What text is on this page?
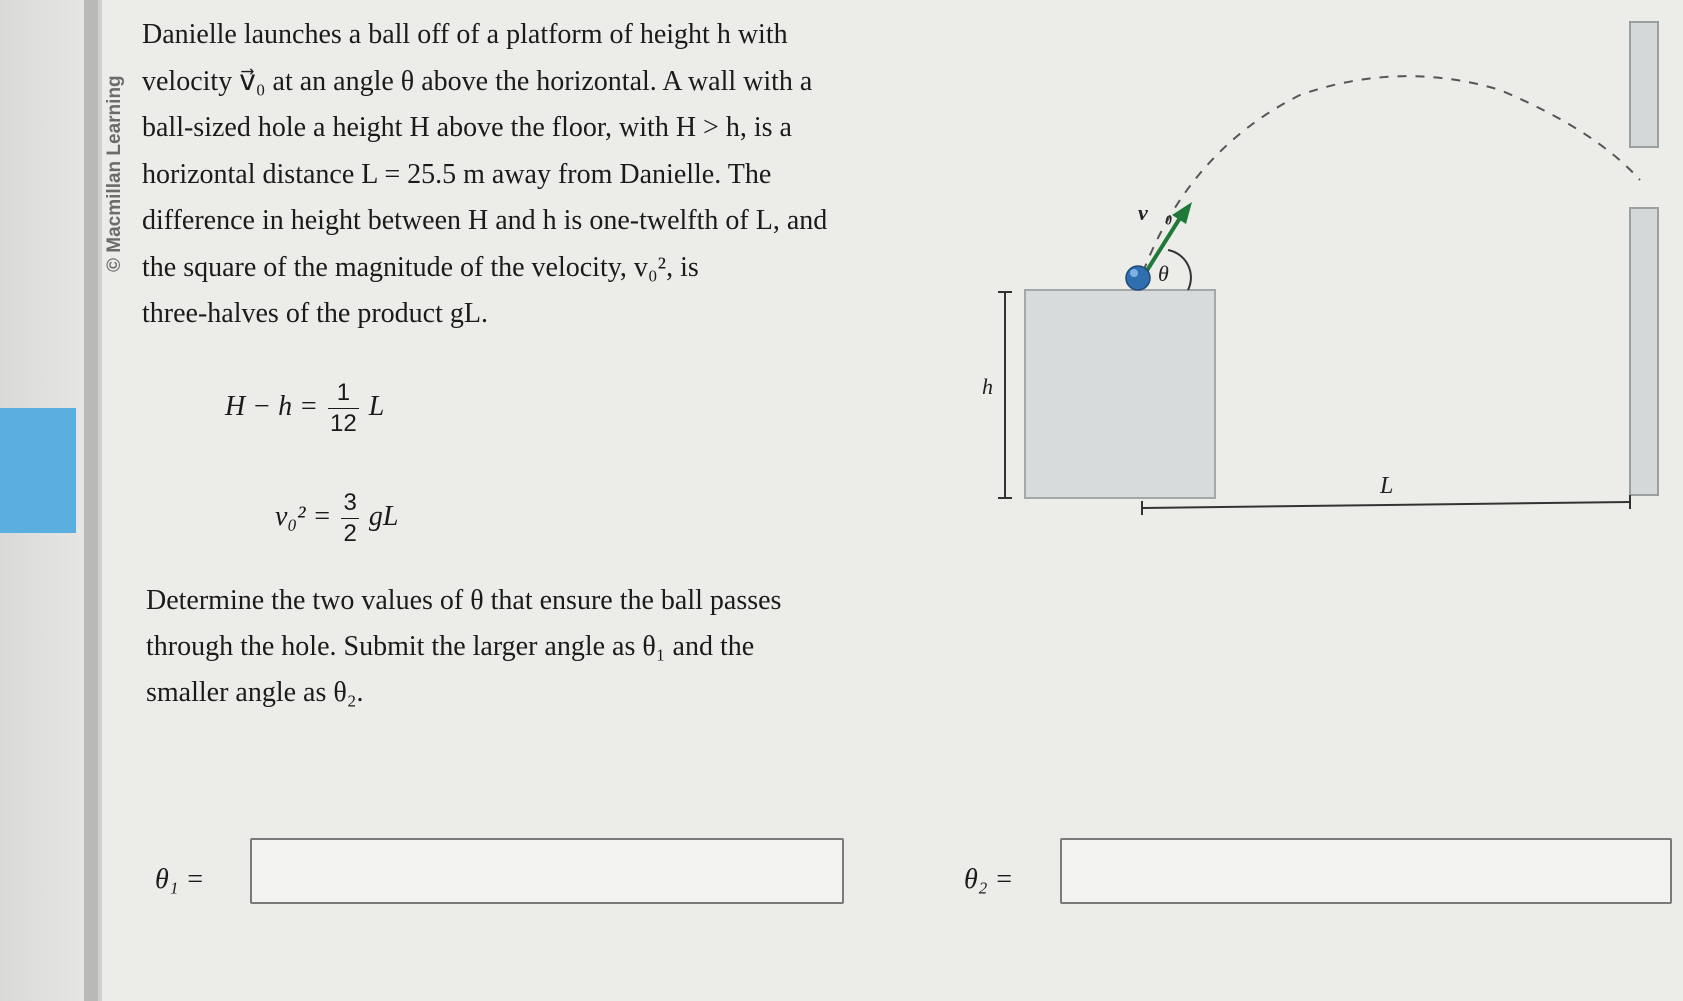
© Macmillan Learning

Danielle launches a ball off of a platform of height h with

velocity v⃗₀ at an angle θ above the horizontal. A wall with a

ball-sized hole a height H above the floor, with H > h, is a

horizontal distance L = 25.5 m away from Danielle. The

difference in height between H and h is one-twelfth of L, and

the square of the magnitude of the velocity, v₀², is

three-halves of the product gL.

$H - h = \frac{1}{12}$ L
$v_0^2 = \frac{3}{2}$ gL

Determine the two values of θ that ensure the ball passes

through the hole. Submit the larger angle as θ₁ and the

smaller angle as θ₂.

h
L
v⃗₀
θ
θ₁ =	θ₂ =
